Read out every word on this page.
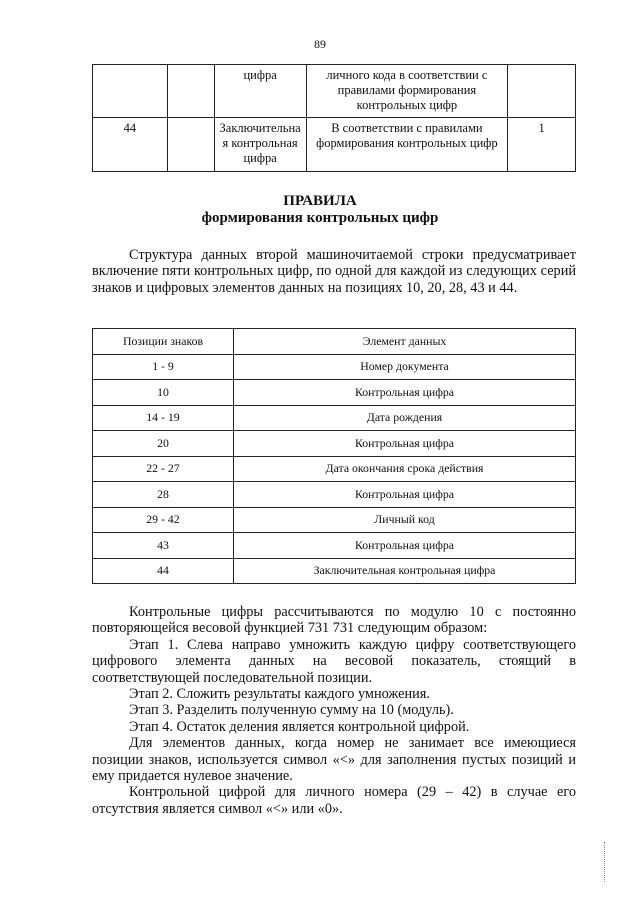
89
		цифра	личного кода в соответствии с правилами формирования контрольных цифр	
44		Заключительна я контрольная цифра	В соответствии с правилами формирования контрольных цифр	1
ПРАВИЛА
формирования контрольных цифр

Структура данных второй машиночитаемой строки предусматривает включение пяти контрольных цифр, по одной для каждой из следующих серий знаков и цифровых элементов данных на позициях 10, 20, 28, 43 и 44.

Позиции знаков	Элемент данных
1 - 9	Номер документа
10	Контрольная цифра
14 - 19	Дата рождения
20	Контрольная цифра
22 - 27	Дата окончания срока действия
28	Контрольная цифра
29 - 42	Личный код
43	Контрольная цифра
44	Заключительная контрольная цифра

Контрольные цифры рассчитываются по модулю 10 с постоянно повторяющейся весовой функцией 731 731 следующим образом:

Этап 1. Слева направо умножить каждую цифру соответствующего цифрового элемента данных на весовой показатель, стоящий в соответствующей последовательной позиции.

Этап 2. Сложить результаты каждого умножения.

Этап 3. Разделить полученную сумму на 10 (модуль).

Этап 4. Остаток деления является контрольной цифрой.

Для элементов данных, когда номер не занимает все имеющиеся позиции знаков, используется символ «<» для заполнения пустых позиций и ему придается нулевое значение.

Контрольной цифрой для личного номера (29 – 42) в случае его отсутствия является символ «<» или «0».
